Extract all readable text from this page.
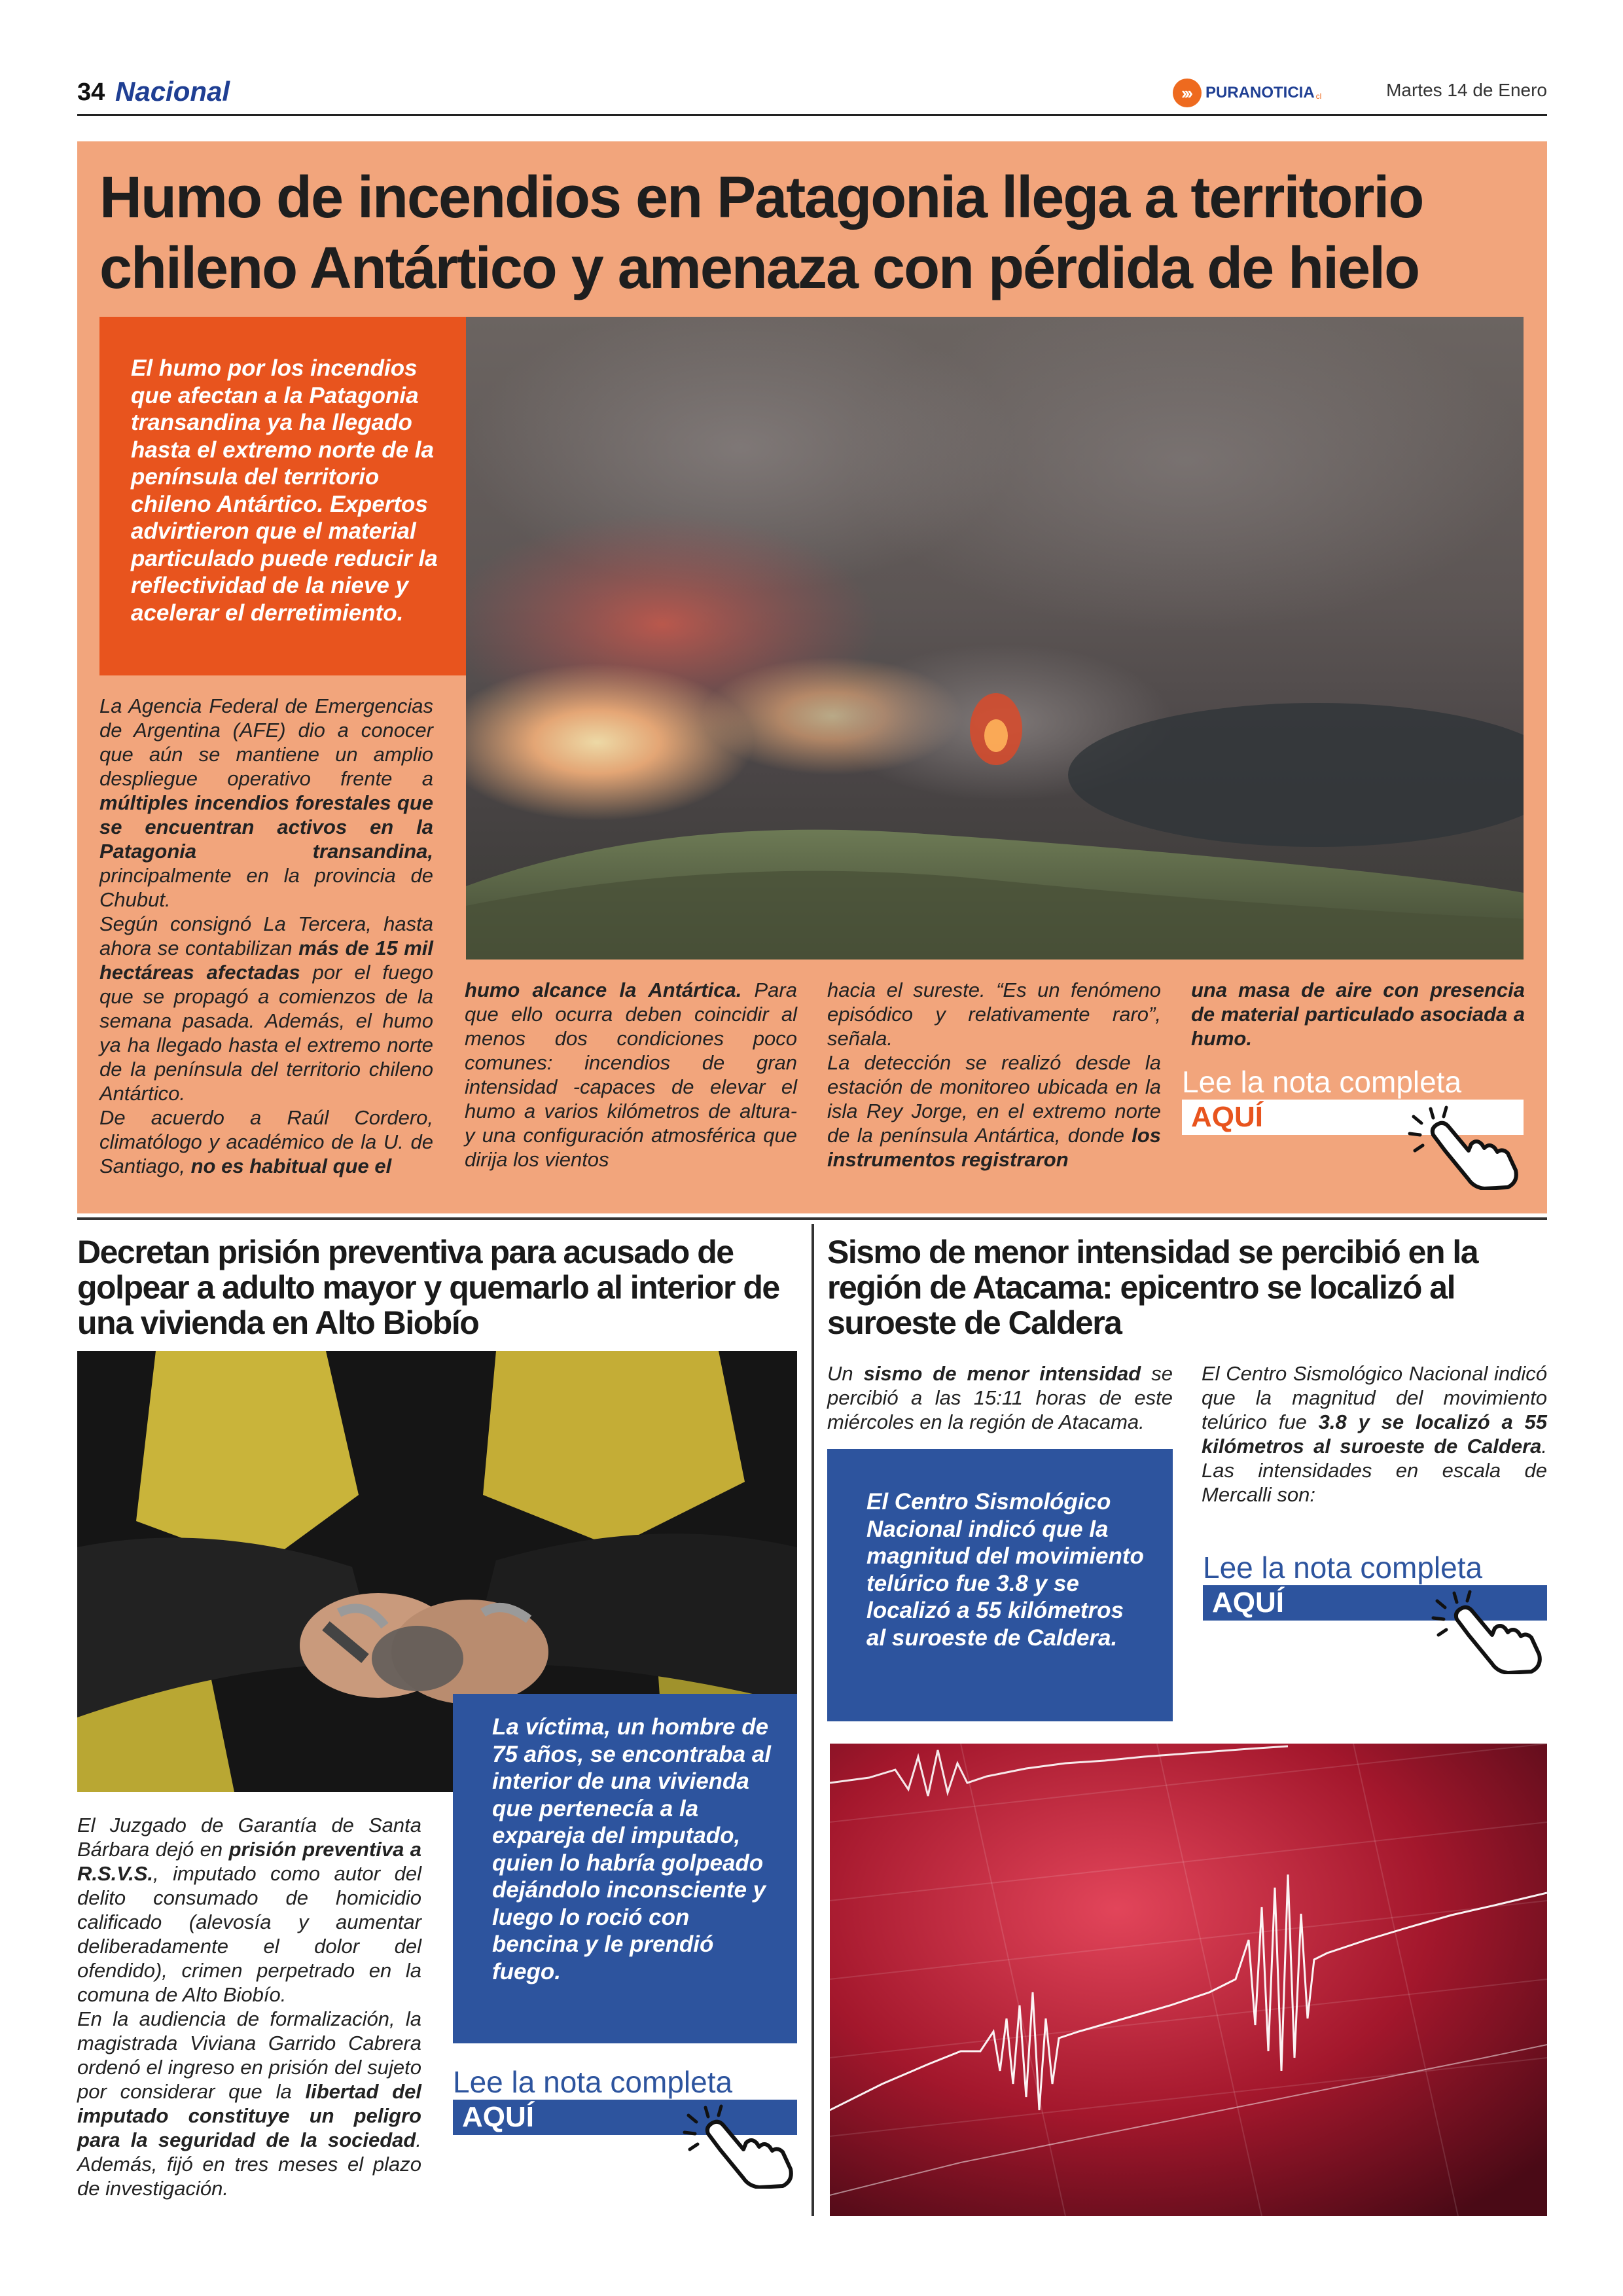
34 Nacional	››› PURANOTICIA cl	Martes 14 de Enero
Humo de incendios en Patagonia llega a territorio
chileno Antártico y amenaza con pérdida de hielo

El humo por los incendios que afectan a la Patagonia transandina ya ha llegado hasta el extremo norte de la península del territorio chileno Antártico. Expertos advirtieron que el material particulado puede reducir la reflectividad de la nieve y acelerar el derretimiento.

La Agencia Federal de Emergencias de Argentina (AFE) dio a conocer que aún se mantiene un amplio despliegue operativo frente a múltiples incendios forestales que se encuentran activos en la Patagonia transandina, principalmente en la provincia de Chubut.

Según consignó La Tercera, hasta ahora se contabilizan más de 15 mil hectáreas afectadas por el fuego que se propagó a comienzos de la semana pasada. Además, el humo ya ha llegado hasta el extremo norte de la península del territorio chileno Antártico.

De acuerdo a Raúl Cordero, climatólogo y académico de la U. de Santiago, no es habitual que el

humo alcance la Antártica. Para que ello ocurra deben coincidir al menos dos condiciones poco comunes: incendios de gran intensidad -capaces de elevar el humo a varios kilómetros de altura- y una configuración atmosférica que dirija los vientos

hacia el sureste. “Es un fenómeno episódico y relativamente raro”, señala.

La detección se realizó desde la estación de monitoreo ubicada en la isla Rey Jorge, en el extremo norte de la península Antártica, donde los instrumentos registraron

una masa de aire con presencia de material particulado asociada a humo.

Lee la nota completa
AQUÍ
Decretan prisión preventiva para acusado de golpear a adulto mayor y quemarlo al interior de una vivienda en Alto Biobío

La víctima, un hombre de 75 años, se encontraba al interior de una vivienda que pertenecía a la expareja del imputado, quien lo habría golpeado dejándolo inconsciente y luego lo roció con bencina y le prendió fuego.

El Juzgado de Garantía de Santa Bárbara dejó en prisión preventiva a R.S.V.S., imputado como autor del delito consumado de homicidio calificado (alevosía y aumentar deliberadamente el dolor del ofendido), crimen perpetrado en la comuna de Alto Biobío.

En la audiencia de formalización, la magistrada Viviana Garrido Cabrera ordenó el ingreso en prisión del sujeto por considerar que la libertad del imputado constituye un peligro para la seguridad de la sociedad. Además, fijó en tres meses el plazo de investigación.

Lee la nota completa
AQUÍ
Sismo de menor intensidad se percibió en la región de Atacama: epicentro se localizó al suroeste de Caldera

Un sismo de menor intensidad se percibió a las 15:11 horas de este miércoles en la región de Atacama.

El Centro Sismológico Nacional indicó que la magnitud del movimiento telúrico fue 3.8 y se localizó a 55 kilómetros al suroeste de Caldera.

El Centro Sismológico Nacional indicó que la magnitud del movimiento telúrico fue 3.8 y se localizó a 55 kilómetros al suroeste de Caldera. Las intensidades en escala de Mercalli son:

Lee la nota completa
AQUÍ
